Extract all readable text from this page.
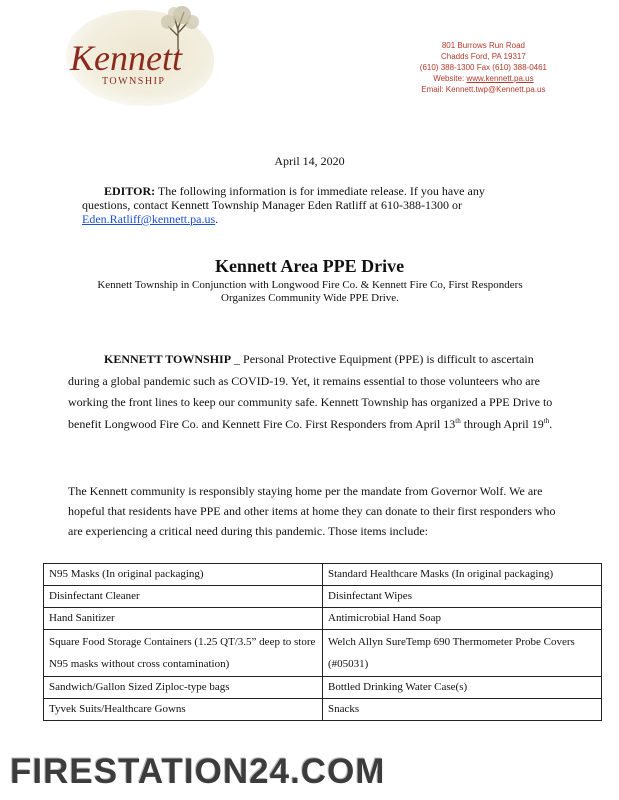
Kennett
TOWNSHIP
801 Burrows Run Road
Chadds Ford, PA 19317
(610) 388-1300 Fax (610) 388-0461
Website: www.kennett.pa.us
Email: Kennett.twp@Kennett.pa.us
April 14, 2020
EDITOR: The following information is for immediate release. If you have any questions, contact Kennett Township Manager Eden Ratliff at 610-388-1300 or Eden.Ratliff@kennett.pa.us.
Kennett Area PPE Drive
Kennett Township in Conjunction with Longwood Fire Co. & Kennett Fire Co, First Responders
Organizes Community Wide PPE Drive.
KENNETT TOWNSHIP _ Personal Protective Equipment (PPE) is difficult to ascertain during a global pandemic such as COVID-19. Yet, it remains essential to those volunteers who are working the front lines to keep our community safe. Kennett Township has organized a PPE Drive to benefit Longwood Fire Co. and Kennett Fire Co. First Responders from April 13th through April 19th.
The Kennett community is responsibly staying home per the mandate from Governor Wolf. We are hopeful that residents have PPE and other items at home they can donate to their first responders who are experiencing a critical need during this pandemic. Those items include:
N95 Masks (In original packaging)	Standard Healthcare Masks (In original packaging)
Disinfectant Cleaner	Disinfectant Wipes
Hand Sanitizer	Antimicrobial Hand Soap
Square Food Storage Containers (1.25 QT/3.5” deep to store N95 masks without cross contamination)	Welch Allyn SureTemp 690 Thermometer Probe Covers (#05031)
Sandwich/Gallon Sized Ziploc-type bags	Bottled Drinking Water Case(s)
Tyvek Suits/Healthcare Gowns	Snacks
FIRESTATION24.COM
